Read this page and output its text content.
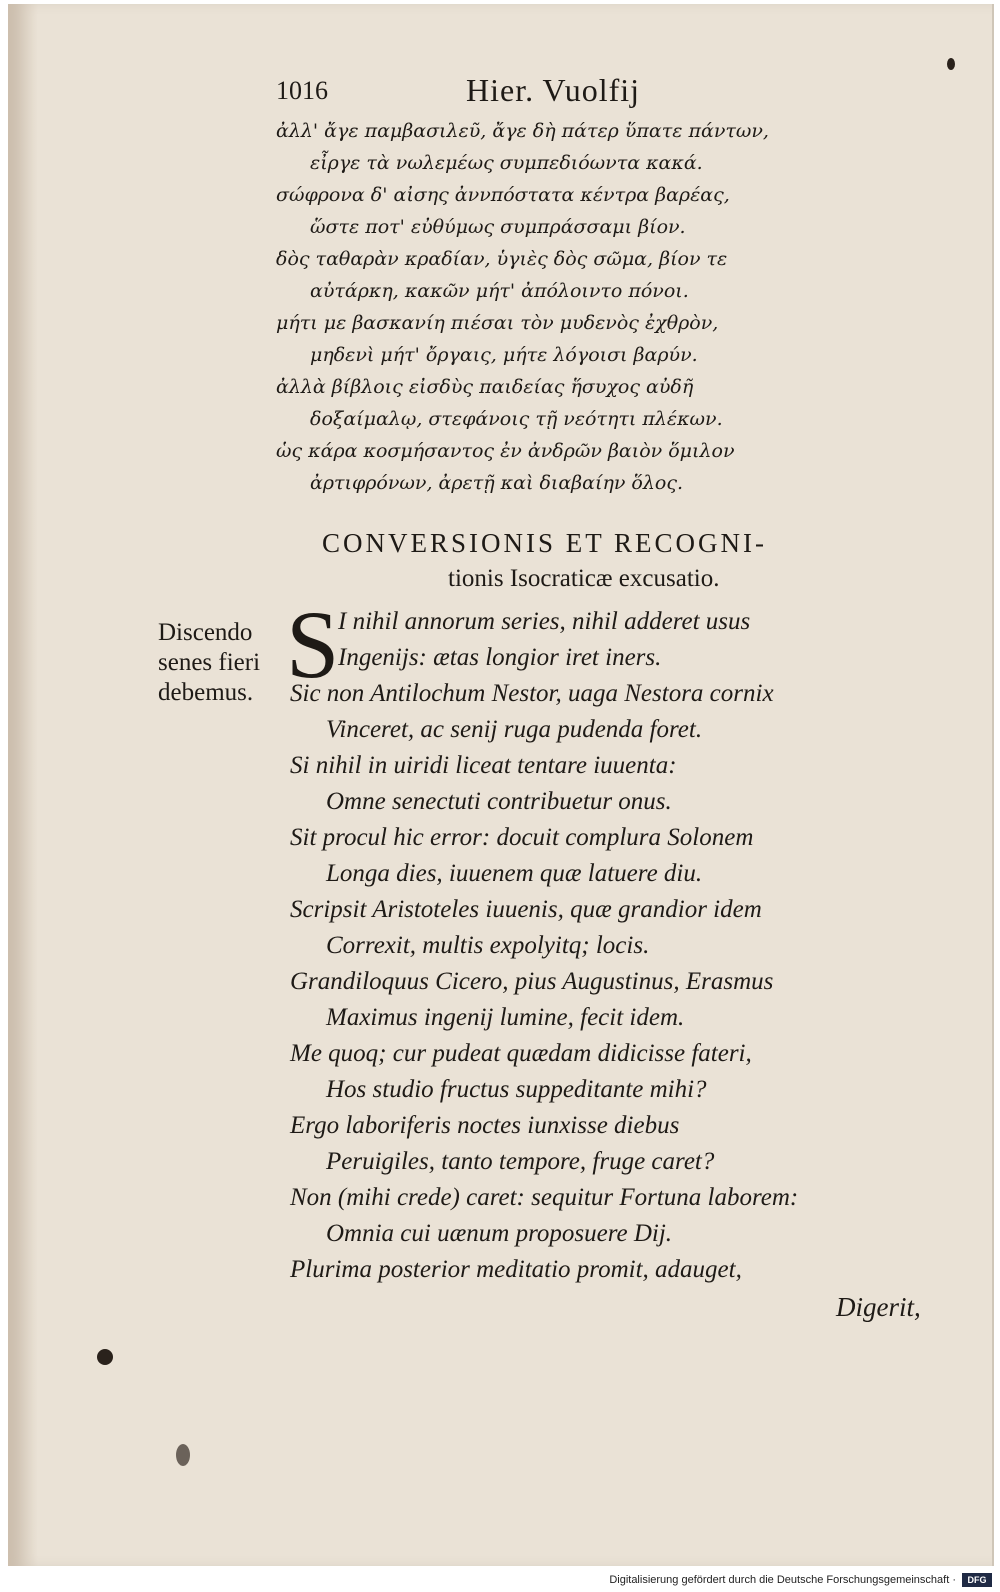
1016	Hier. Vuolfij
ἀλλ' ἄγε παμβασιλεῦ, ἄγε δὴ πάτερ ὕπατε πάντων,
εἶργε τὰ νωλεμέως συμπεδιόωντα κακά.
σώφρονα δ' αἰσης ἀννπόστατα κέντρα βαρέας,
ὥστε ποτ' εὐθύμως συμπράσσαμι βίον.
δὸς ταθαρὰν κραδίαν, ὑγιὲς δὸς σῶμα, βίον τε
αὐτάρκη, κακῶν μήτ' ἀπόλοιντο πόνοι.
μήτι με βασκανίη πιέσαι τὸν μυδενὸς ἐχθρὸν,
μηδενὶ μήτ' ὄργαις, μήτε λόγοισι βαρύν.
ἀλλὰ βίβλοις εἰσδὺς παιδείας ἥσυχος αὐδῆ
δοξαίμαλῳ, στεφάνοις τῇ νεότητι πλέκων.
ὡς κάρα κοσμήσαντος ἐν ἀνδρῶν βαιὸν ὅμιλον
ἀρτιφρόνων, ἀρετῇ καὶ διαβαίην ὅλος.
CONVERSIONIS ET RECOGNI-
tionis Isocraticæ excusatio.
Discendo
senes fieri
debemus. S
I nihil annorum series, nihil adderet usus
Ingenijs: ætas longior iret iners.
Sic non Antilochum Nestor, uaga Nestora cornix
Vinceret, ac senij ruga pudenda foret.
Si nihil in uiridi liceat tentare iuuenta:
Omne senectuti contribuetur onus.
Sit procul hic error: docuit complura Solonem
Longa dies, iuuenem quæ latuere diu.
Scripsit Aristoteles iuuenis, quæ grandior idem
Correxit, multis expolyitq; locis.
Grandiloquus Cicero, pius Augustinus, Erasmus
Maximus ingenij lumine, fecit idem.
Me quoq; cur pudeat quædam didicisse fateri,
Hos studio fructus suppeditante mihi?
Ergo laboriferis noctes iunxisse diebus
Peruigiles, tanto tempore, fruge caret?
Non (mihi crede) caret: sequitur Fortuna laborem:
Omnia cui uænum proposuere Dij.
Plurima posterior meditatio promit, adauget,
Digerit,
Digitalisierung gefördert durch die Deutsche Forschungsgemeinschaft ·	DFG
